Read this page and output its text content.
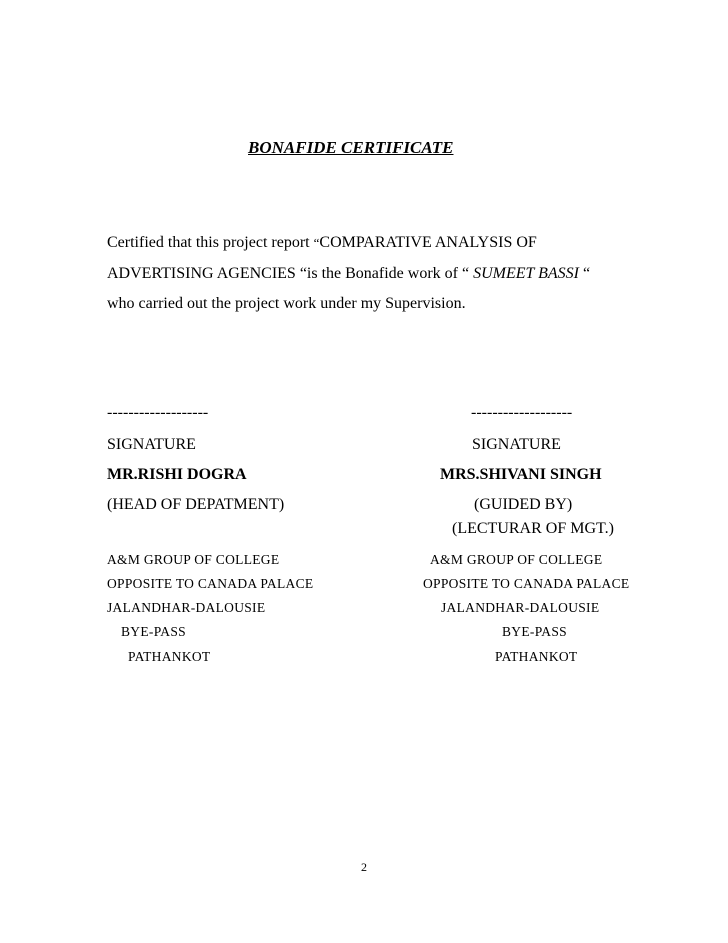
BONAFIDE CERTIFICATE
Certified that this project report “COMPARATIVE ANALYSIS OF
ADVERTISING AGENCIES “is the Bonafide work of “ SUMEET BASSI “
who carried out the project work under my Supervision.
-------------------
SIGNATURE
MR.RISHI DOGRA
(HEAD OF DEPATMENT)
A&M GROUP OF COLLEGE
OPPOSITE TO CANADA PALACE
JALANDHAR-DALOUSIE
BYE-PASS
PATHANKOT
-------------------
SIGNATURE
MRS.SHIVANI SINGH
(GUIDED BY)
(LECTURAR OF MGT.)
A&M GROUP OF COLLEGE
OPPOSITE TO CANADA PALACE
JALANDHAR-DALOUSIE
BYE-PASS
PATHANKOT
2
